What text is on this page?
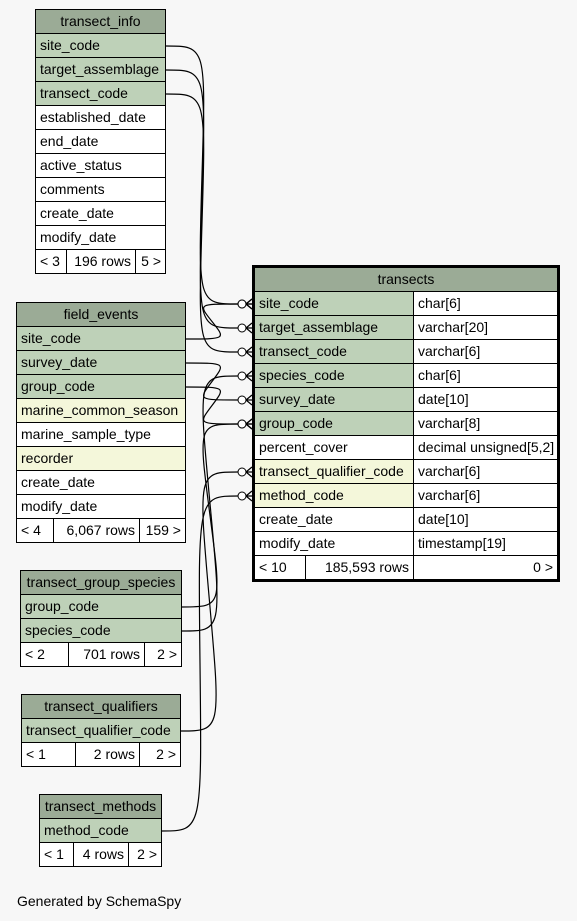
transect_info
site_code
target_assemblage
transect_code
established_date
end_date
active_status
comments
create_date
modify_date
< 3	196 rows 5 >
field_events
site_code
survey_date
group_code
marine_common_season
marine_sample_type
recorder
create_date
modify_date
< 4	6,067 rows 159 >
transect_group_species
group_code
species_code
< 2	701 rows	2 >
transect_qualifiers
transect_qualifier_code
< 1	2 rows	2 >
transect_methods
method_code
< 1	4 rows 2 >
transects
site_code	char[6]
target_assemblage	varchar[20]
transect_code	varchar[6]
species_code	char[6]
survey_date	date[10]
group_code	varchar[8]
percent_cover	decimal unsigned[5,2]
transect_qualifier_code	varchar[6]
method_code	varchar[6]
create_date	date[10]
modify_date	timestamp[19]
< 10	185,593 rows	0 >
Generated by SchemaSpy
